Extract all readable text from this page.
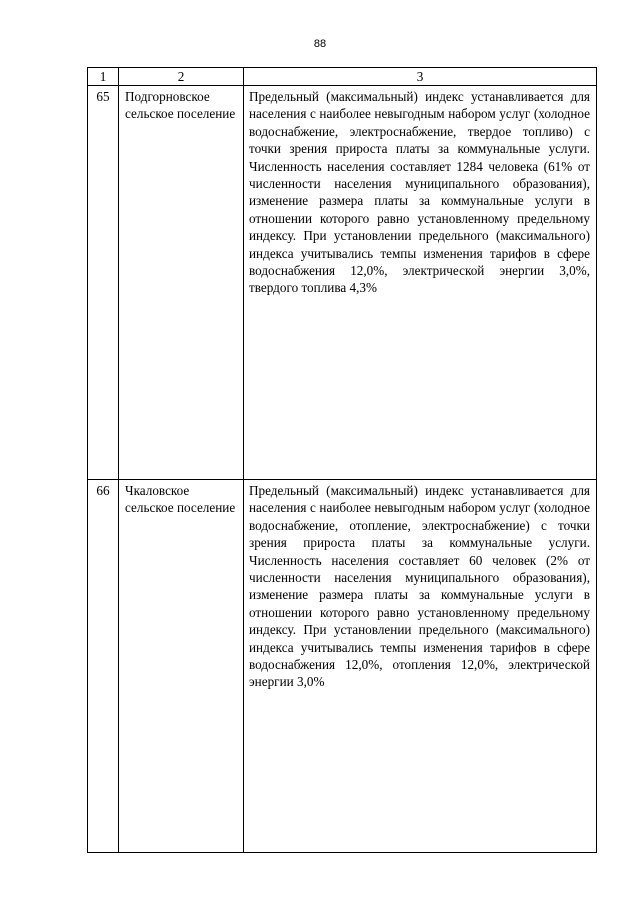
88
1	2	3

65	Подгорновское сельское поселение	Предельный (максимальный) индекс устанавливается для населения с наиболее невыгодным набором услуг (холодное водоснабжение, электроснабжение, твердое топливо) с точки зрения прироста платы за коммунальные услуги. Численность населения составляет 1284 человека (61% от численности населения муниципального образования), изменение размера платы за коммунальные услуги в отношении которого равно установленному предельному индексу. При установлении предельного (максимального) индекса учитывались темпы изменения тарифов в сфере водоснабжения 12,0%, электрической энергии 3,0%, твердого топлива 4,3%

66	Чкаловское сельское поселение	Предельный (максимальный) индекс устанавливается для населения с наиболее невыгодным набором услуг (холодное водоснабжение, отопление, электроснабжение) с точки зрения прироста платы за коммунальные услуги. Численность населения составляет 60 человек (2% от численности населения муниципального образования), изменение размера платы за коммунальные услуги в отношении которого равно установленному предельному индексу. При установлении предельного (максимального) индекса учитывались темпы изменения тарифов в сфере водоснабжения 12,0%, отопления 12,0%, электрической энергии 3,0%
